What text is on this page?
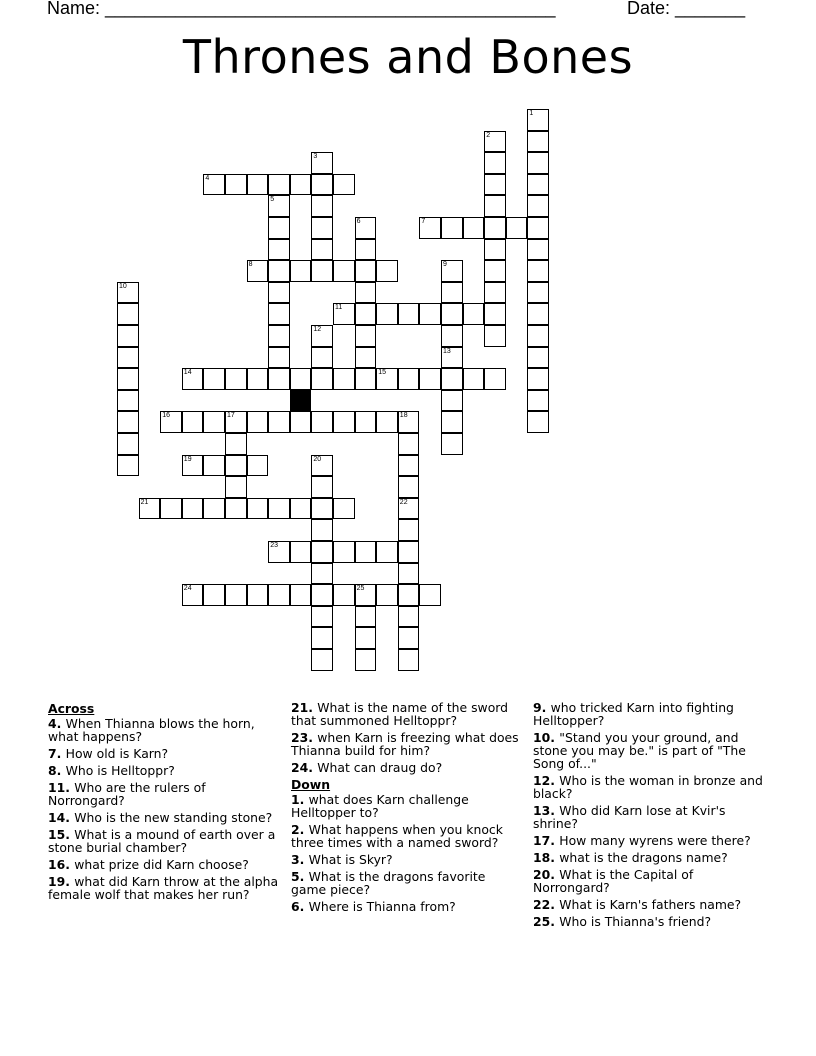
Name: _____________________________________________	Date: _______
Thrones and Bones
4
7
8
11
14	15
16	17	18
19
21
23
24	25
1
2
3
5
6
9
10
12
13
20
22
Across
4. When Thianna blows the horn, what happens?
7. How old is Karn?
8. Who is Helltoppr?
11. Who are the rulers of Norrongard?
14. Who is the new standing stone?
15. What is a mound of earth over a stone burial chamber?
16. what prize did Karn choose?
19. what did Karn throw at the alpha female wolf that makes her run?
21. What is the name of the sword that summoned Helltoppr?
23. when Karn is freezing what does Thianna build for him?
24. What can draug do?
Down
1. what does Karn challenge Helltopper to?
2. What happens when you knock three times with a named sword?
3. What is Skyr?
5. What is the dragons favorite game piece?
6. Where is Thianna from?
9. who tricked Karn into fighting Helltopper?
10. "Stand you your ground, and stone you may be." is part of "The Song of..."
12. Who is the woman in bronze and black?
13. Who did Karn lose at Kvir's shrine?
17. How many wyrens were there?
18. what is the dragons name?
20. What is the Capital of Norrongard?
22. What is Karn's fathers name?
25. Who is Thianna's friend?
